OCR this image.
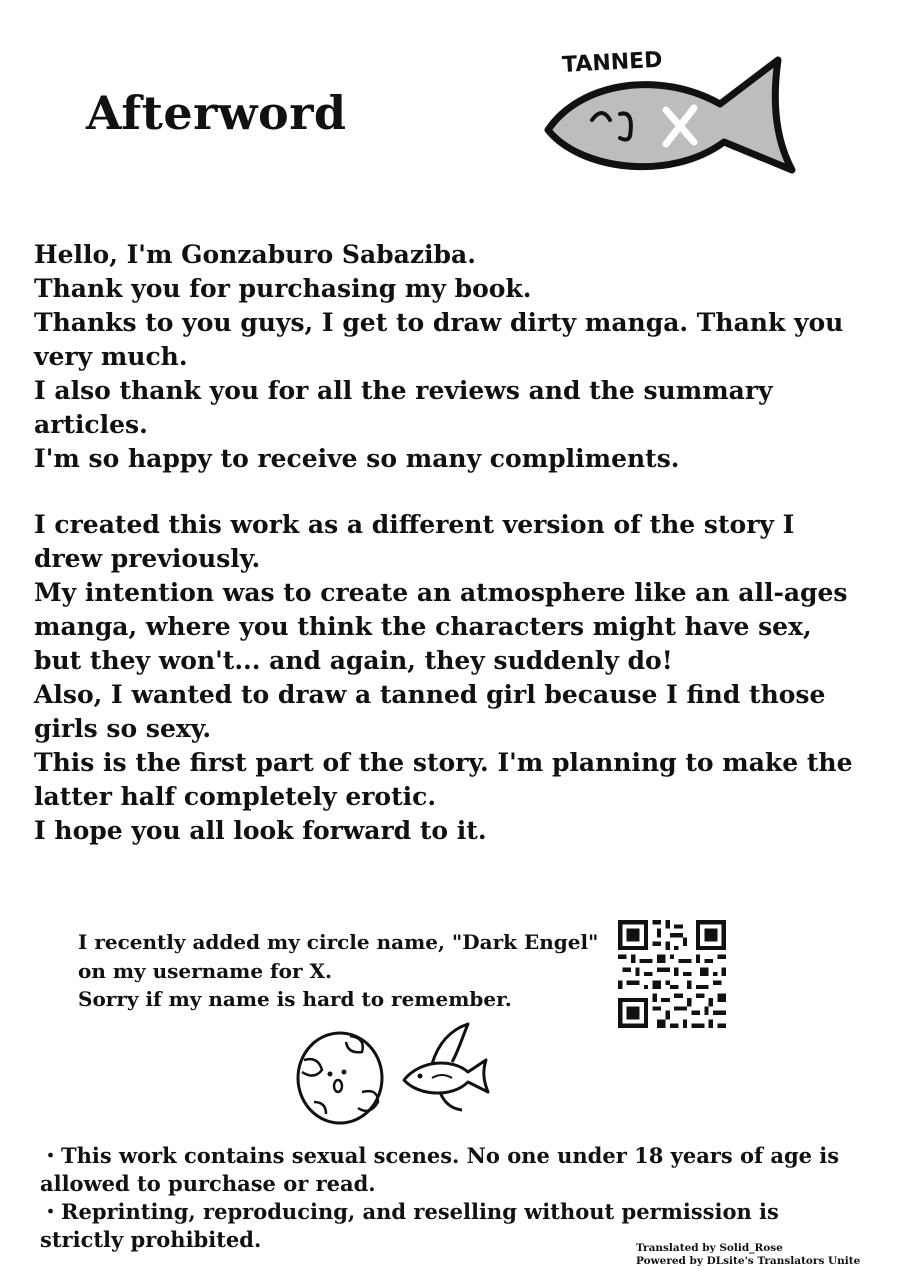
Afterword
TANNED

Hello, I'm Gonzaburo Sabaziba.

Thank you for purchasing my book.

Thanks to you guys, I get to draw dirty manga. Thank you very much.

I also thank you for all the reviews and the summary articles.

I'm so happy to receive so many compliments.

I created this work as a different version of the story I drew previously.

My intention was to create an atmosphere like an all-ages manga, where you think the characters might have sex, but they won't... and again, they suddenly do!

Also, I wanted to draw a tanned girl because I find those girls so sexy.

This is the first part of the story. I'm planning to make the latter half completely erotic.

I hope you all look forward to it.

I recently added my circle name, "Dark Engel"

on my username for X.

Sorry if my name is hard to remember.

・This work contains sexual scenes. No one under 18 years of age is allowed to purchase or read.

・Reprinting, reproducing, and reselling without permission is strictly prohibited.	Translated by Solid_Rose

Powered by DLsite's Translators Unite
